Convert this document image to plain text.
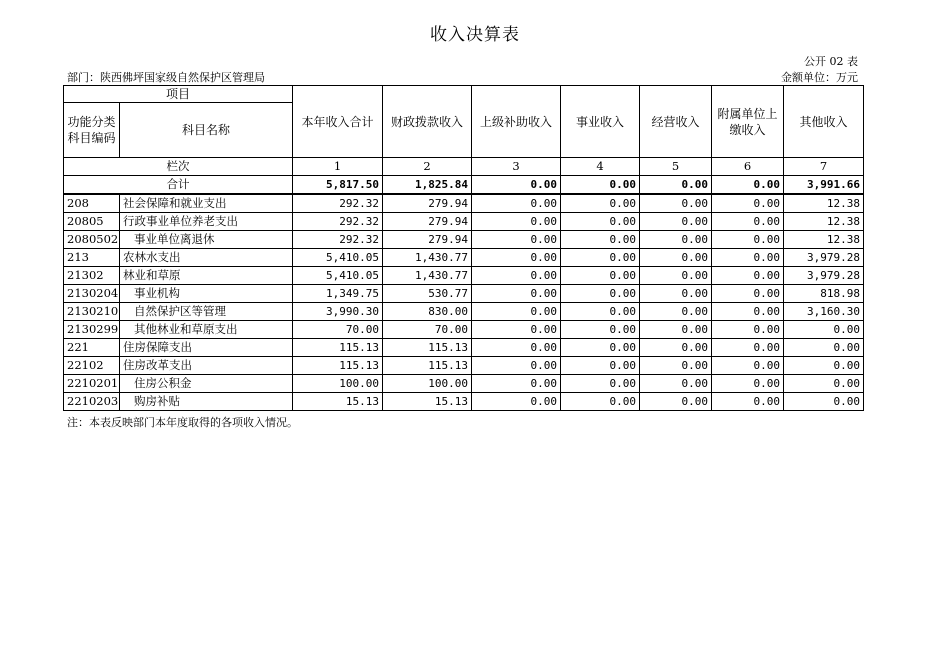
收入决算表
公开 02 表
部门：陕西佛坪国家级自然保护区管理局	金额单位：万元
项目		本年收入合计	财政拨款收入	上级补助收入	事业收入	经营收入	附属单位上缴收入	其他收入
功能分类科目编码	科目名称							
栏次		1	2	3	4	5	6	7
合计		5,817.50	1,825.84	0.00	0.00	0.00	0.00	3,991.66
208	社会保障和就业支出	292.32	279.94	0.00	0.00	0.00	0.00	12.38
20805	行政事业单位养老支出	292.32	279.94	0.00	0.00	0.00	0.00	12.38
2080502	事业单位离退休	292.32	279.94	0.00	0.00	0.00	0.00	12.38
213	农林水支出	5,410.05	1,430.77	0.00	0.00	0.00	0.00	3,979.28
21302	林业和草原	5,410.05	1,430.77	0.00	0.00	0.00	0.00	3,979.28
2130204	事业机构	1,349.75	530.77	0.00	0.00	0.00	0.00	818.98
2130210	自然保护区等管理	3,990.30	830.00	0.00	0.00	0.00	0.00	3,160.30
2130299	其他林业和草原支出	70.00	70.00	0.00	0.00	0.00	0.00	0.00
221	住房保障支出	115.13	115.13	0.00	0.00	0.00	0.00	0.00
22102	住房改革支出	115.13	115.13	0.00	0.00	0.00	0.00	0.00
2210201	住房公积金	100.00	100.00	0.00	0.00	0.00	0.00	0.00
2210203	购房补贴	15.13	15.13	0.00	0.00	0.00	0.00	0.00
注：本表反映部门本年度取得的各项收入情况。
